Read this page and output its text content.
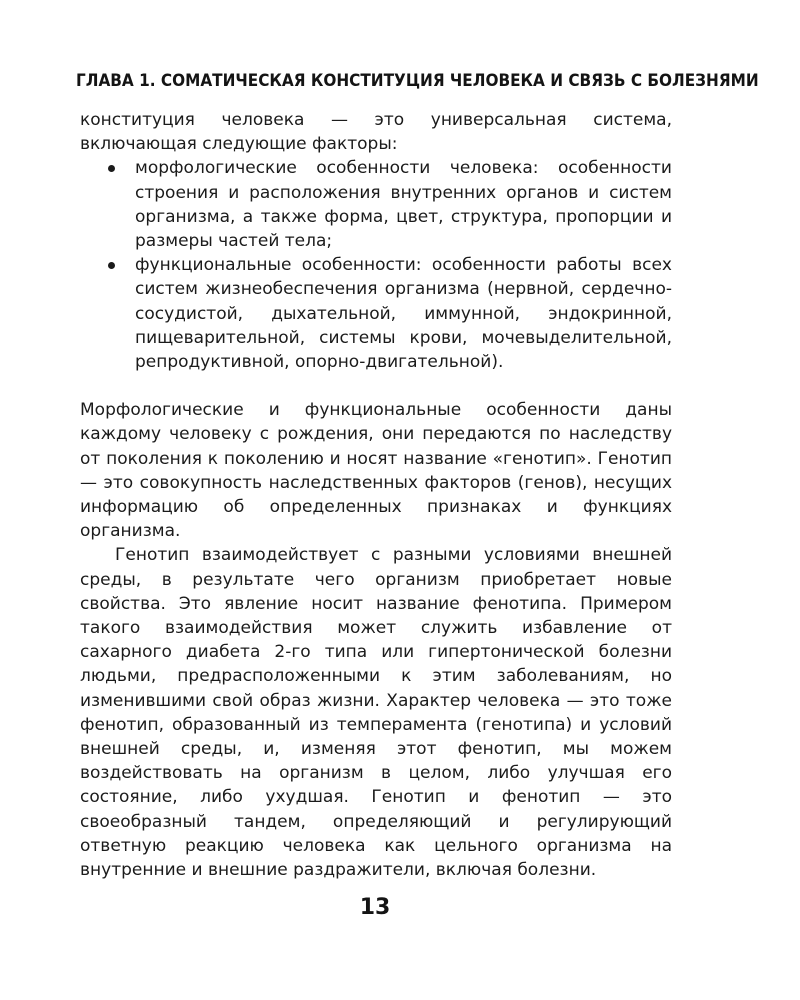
ГЛАВА 1. СОМАТИЧЕСКАЯ КОНСТИТУЦИЯ ЧЕЛОВЕКА И СВЯЗЬ С БОЛЕЗНЯМИ

конституция человека — это универсальная система, включающая следующие факторы:

морфологические особенности человека: особенности строения и расположения внутренних органов и систем организма, а также форма, цвет, структура, пропорции и размеры частей тела;
функциональные особенности: особенности работы всех систем жизнеобеспечения организма (нервной, сердечно-сосудистой, дыхательной, иммунной, эндокринной, пищеварительной, системы крови, мочевыделительной, репродуктивной, опорно-двигательной).

Морфологические и функциональные особенности даны каждому человеку с рождения, они передаются по наследству от поколения к поколению и носят название «генотип». Генотип — это совокупность наследственных факторов (генов), несущих информацию об определенных признаках и функциях организма.

Генотип взаимодействует с разными условиями внешней среды, в результате чего организм приобретает новые свойства. Это явление носит название фенотипа. Примером такого взаимодействия может служить избавление от сахарного диабета 2-го типа или гипертонической болезни людьми, предрасположенными к этим заболеваниям, но изменившими свой образ жизни. Характер человека — это тоже фенотип, образованный из темперамента (генотипа) и условий внешней среды, и, изменяя этот фенотип, мы можем воздействовать на организм в целом, либо улучшая его состояние, либо ухудшая. Генотип и фенотип — это своеобразный тандем, определяющий и регулирующий ответную реакцию человека как цельного организма на внутренние и внешние раздражители, включая болезни.

13
